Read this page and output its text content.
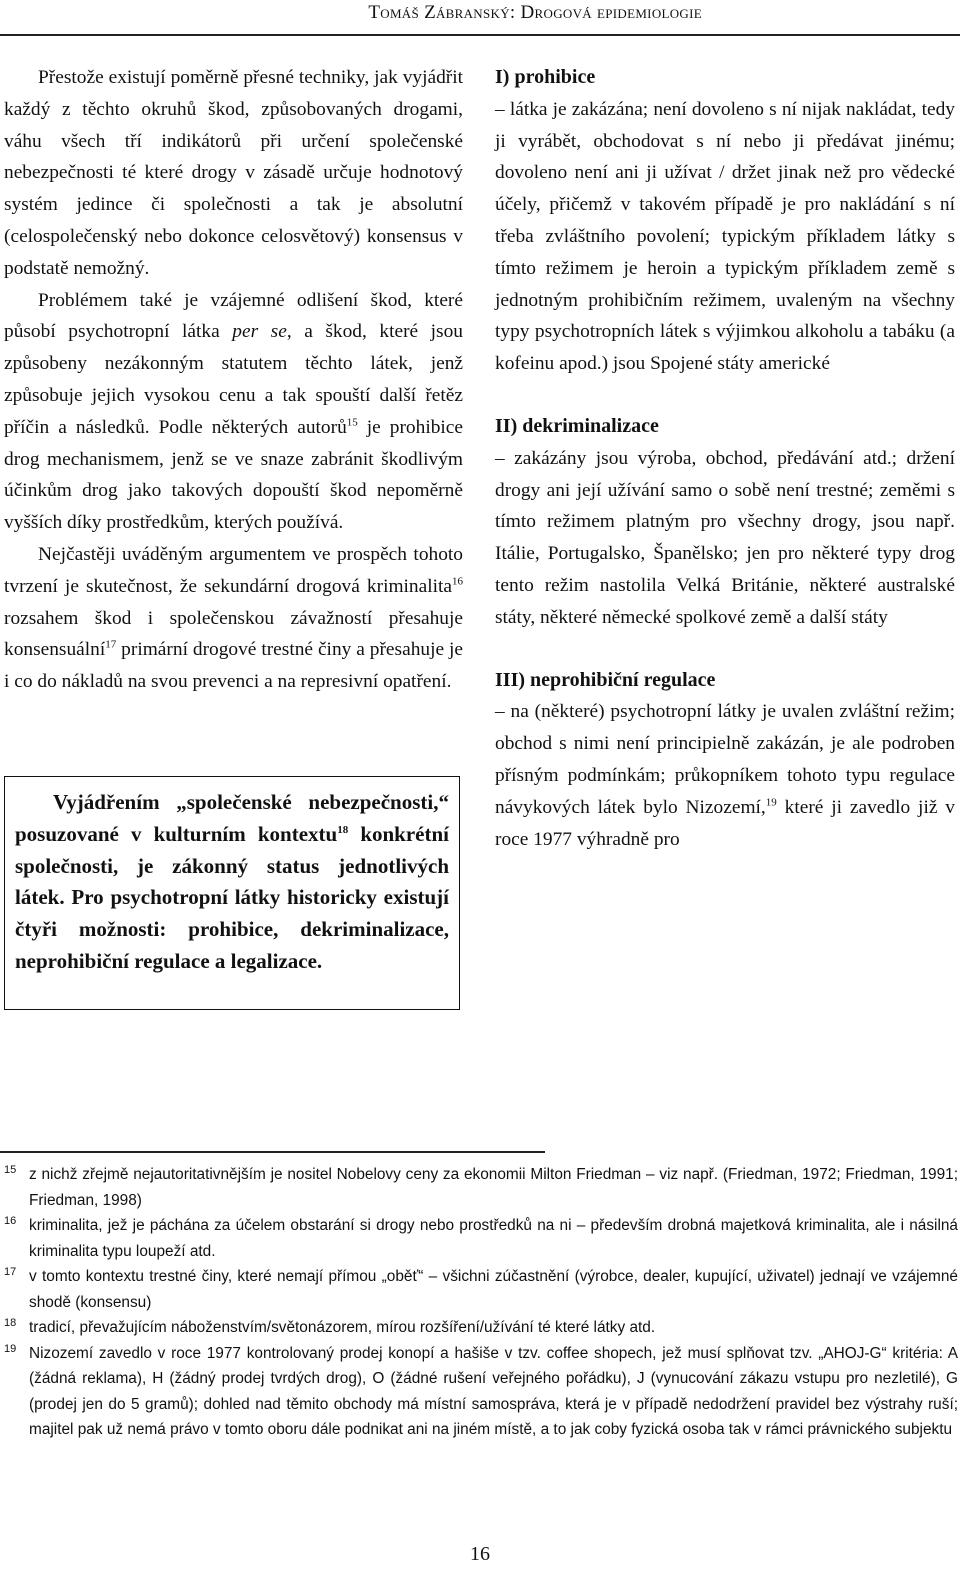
Tomáš Zábranský: Drogová epidemiologie

Přestože existují poměrně přesné techniky, jak vyjádřit každý z těchto okruhů škod, způsobovaných drogami, váhu všech tří indikátorů při určení společenské nebezpečnosti té které drogy v zásadě určuje hodnotový systém jedince či společnosti a tak je absolutní (celospolečenský nebo dokonce celosvětový) konsensus v podstatě nemožný.

Problémem také je vzájemné odlišení škod, které působí psychotropní látka per se, a škod, které jsou způsobeny nezákonným statutem těchto látek, jenž způsobuje jejich vysokou cenu a tak spouští další řetěz příčin a následků. Podle některých autorů$^{15}$ je prohibice drog mechanismem, jenž se ve snaze zabránit škodlivým účinkům drog jako takových dopouští škod nepoměrně vyšších díky prostředkům, kterých používá.

Nejčastěji uváděným argumentem ve prospěch tohoto tvrzení je skutečnost, že sekundární drogová kriminalita$^{16}$ rozsahem škod i společenskou závažností přesahuje konsensuální$^{17}$ primární drogové trestné činy a přesahuje je i co do nákladů na svou prevenci a na represivní opatření.

Vyjádřením „společenské nebezpečnosti,“ posuzované v kulturním kontextu$^{18}$ konkrétní společnosti, je zákonný status jednotlivých látek. Pro psychotropní látky historicky existují čtyři možnosti: prohibice, dekriminalizace, neprohibiční regulace a legalizace.

I) prohibice

– látka je zakázána; není dovoleno s ní nijak nakládat, tedy ji vyrábět, obchodovat s ní nebo ji předávat jinému; dovoleno není ani ji užívat / držet jinak než pro vědecké účely, přičemž v takovém případě je pro nakládání s ní třeba zvláštního povolení; typickým příkladem látky s tímto režimem je heroin a typickým příkladem země s jednotným prohibičním režimem, uvaleným na všechny typy psychotropních látek s výjimkou alkoholu a tabáku (a kofeinu apod.) jsou Spojené státy americké

II) dekriminalizace

– zakázány jsou výroba, obchod, předávání atd.; držení drogy ani její užívání samo o sobě není trestné; zeměmi s tímto režimem platným pro všechny drogy, jsou např. Itálie, Portugalsko, Španělsko; jen pro některé typy drog tento režim nastolila Velká Británie, některé australské státy, některé německé spolkové země a další státy

III) neprohibiční regulace

– na (některé) psychotropní látky je uvalen zvláštní režim; obchod s nimi není principielně zakázán, je ale podroben přísným podmínkám; průkopníkem tohoto typu regulace návykových látek bylo Nizozemí,$^{19}$ které ji zavedlo již v roce 1977 výhradně pro

15 z nichž zřejmě nejautoritativnějším je nositel Nobelovy ceny za ekonomii Milton Friedman – viz např. (Friedman, 1972; Friedman, 1991; Friedman, 1998)
16 kriminalita, jež je páchána za účelem obstarání si drogy nebo prostředků na ni – především drobná majetková kriminalita, ale i násilná kriminalita typu loupeží atd.
17 v tomto kontextu trestné činy, které nemají přímou „oběť“ – všichni zúčastnění (výrobce, dealer, kupující, uživatel) jednají ve vzájemné shodě (konsensu)
18 tradicí, převažujícím náboženstvím/světonázorem, mírou rozšíření/užívání té které látky atd.
19 Nizozemí zavedlo v roce 1977 kontrolovaný prodej konopí a hašiše v tzv. coffee shopech, jež musí splňovat tzv. „AHOJ-G“ kritéria: A (žádná reklama), H (žádný prodej tvrdých drog), O (žádné rušení veřejného pořádku), J (vynucování zákazu vstupu pro nezletilé), G (prodej jen do 5 gramů); dohled nad těmito obchody má místní samospráva, která je v případě nedodržení pravidel bez výstrahy ruší; majitel pak už nemá právo v tomto oboru dále podnikat ani na jiném místě, a to jak coby fyzická osoba tak v rámci právnického subjektu
16
